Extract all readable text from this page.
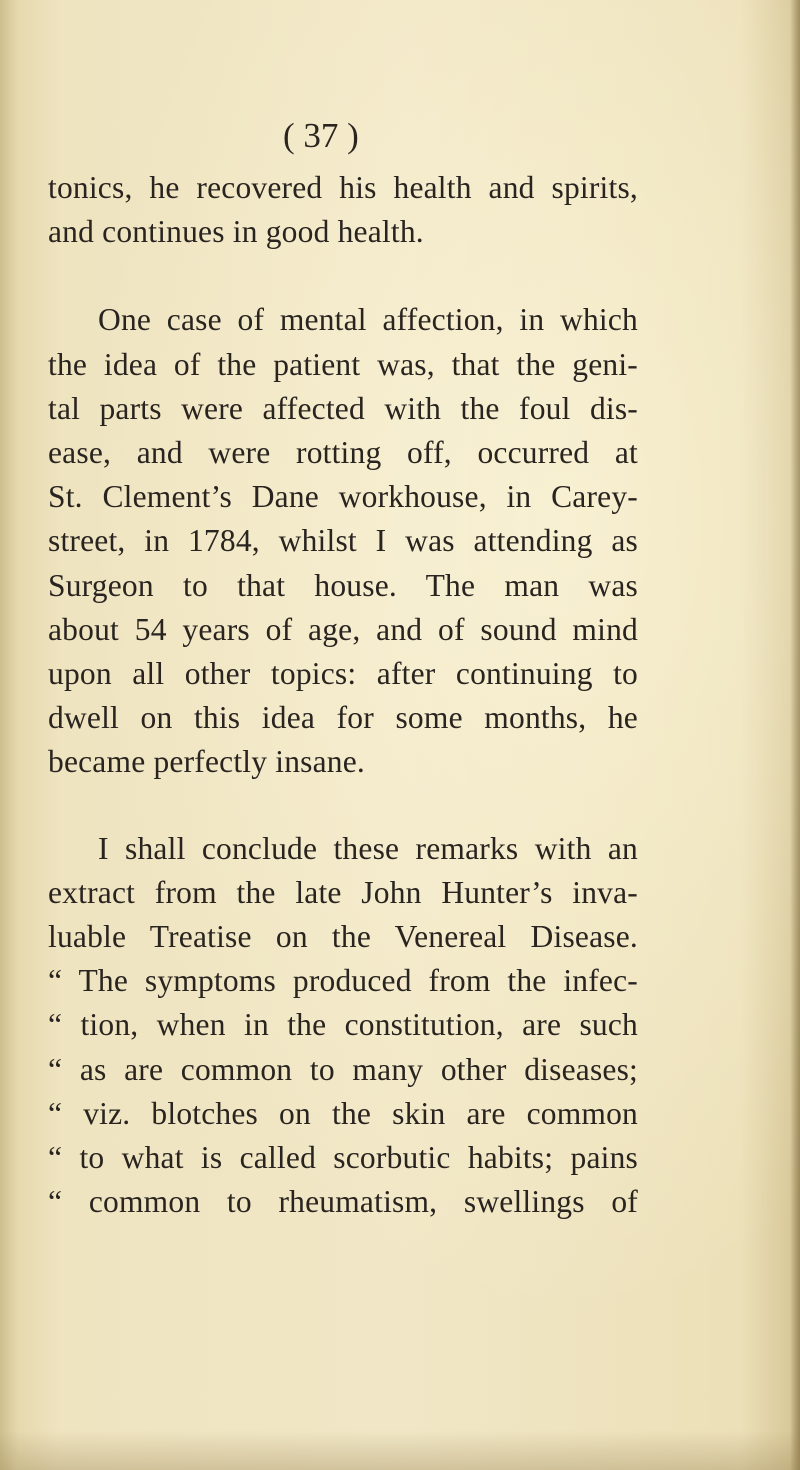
( 37 )
tonics, he recovered his health and spirits,
and continues in good health.
One case of mental affection, in which
the idea of the patient was, that the geni-
tal parts were affected with the foul dis-
ease, and were rotting off, occurred at
St. Clement’s Dane workhouse, in Carey-
street, in 1784, whilst I was attending as
Surgeon to that house. The man was
about 54 years of age, and of sound mind
upon all other topics: after continuing to
dwell on this idea for some months, he
became perfectly insane.
I shall conclude these remarks with an
extract from the late John Hunter’s inva-
luable Treatise on the Venereal Disease.
“ The symptoms produced from the infec-
“ tion, when in the constitution, are such
“ as are common to many other diseases;
“ viz. blotches on the skin are common
“ to what is called scorbutic habits; pains
“ common to rheumatism, swellings of
